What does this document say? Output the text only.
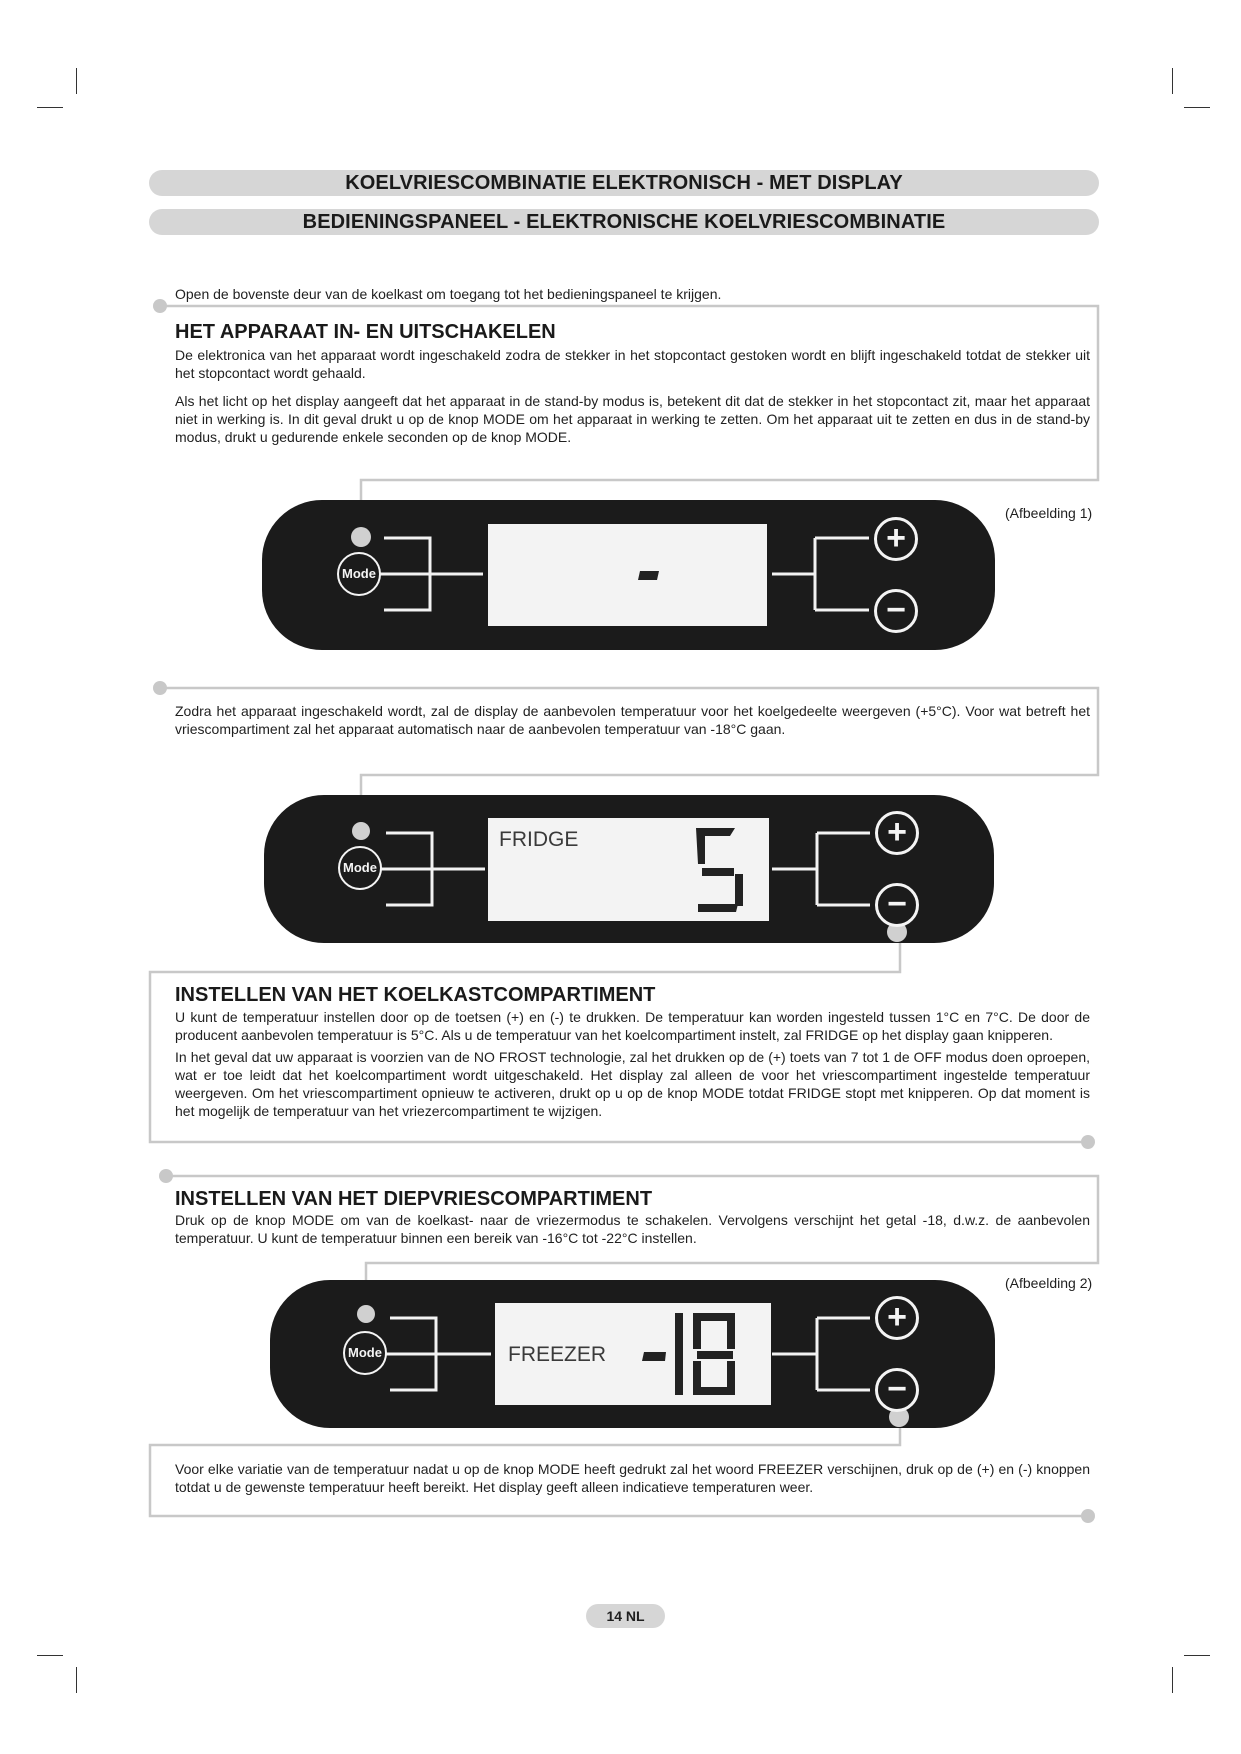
KOELVRIESCOMBINATIE ELEKTRONISCH - MET DISPLAY
BEDIENINGSPANEEL - ELEKTRONISCHE KOELVRIESCOMBINATIE
Open de bovenste deur van de koelkast om toegang tot het bedieningspaneel te krijgen.
HET APPARAAT IN- EN UITSCHAKELEN
De elektronica van het apparaat wordt ingeschakeld zodra de stekker in het stopcontact gestoken wordt en blijft ingeschakeld totdat de stekker uit het stopcontact wordt gehaald.
Als het licht op het display aangeeft dat het apparaat in de stand-by modus is, betekent dit dat de stekker in het stopcontact zit, maar het apparaat niet in werking is. In dit geval drukt u op de knop MODE om het apparaat in werking te zetten. Om het apparaat uit te zetten en dus in de stand-by modus, drukt u gedurende enkele seconden op de knop MODE.
(Afbeelding 1)
Mode
+
−
Zodra het apparaat ingeschakeld wordt, zal de display de aanbevolen temperatuur voor het koelgedeelte weergeven (+5°C). Voor wat betreft het vriescompartiment zal het apparaat automatisch naar de aanbevolen temperatuur van -18°C gaan.
FRIDGE
Mode
+
−
INSTELLEN VAN HET KOELKASTCOMPARTIMENT
U kunt de temperatuur instellen door op de toetsen (+) en (-) te drukken. De temperatuur kan worden ingesteld tussen 1°C en 7°C. De door de producent aanbevolen temperatuur is 5°C. Als u de temperatuur van het koelcompartiment instelt, zal FRIDGE op het display gaan knipperen.
In het geval dat uw apparaat is voorzien van de NO FROST technologie, zal het drukken op de (+) toets van 7 tot 1 de OFF modus doen oproepen, wat er toe leidt dat het koelcompartiment wordt uitgeschakeld. Het display zal alleen de voor het vriescompartiment ingestelde temperatuur weergeven. Om het vriescompartiment opnieuw te activeren, drukt op u op de knop MODE totdat FRIDGE stopt met knipperen. Op dat moment is het mogelijk de temperatuur van het vriezercompartiment te wijzigen.
INSTELLEN VAN HET DIEPVRIESCOMPARTIMENT
Druk op de knop MODE om van de koelkast- naar de vriezermodus te schakelen. Vervolgens verschijnt het getal -18, d.w.z. de aanbevolen temperatuur. U kunt de temperatuur binnen een bereik van -16°C tot -22°C instellen.
(Afbeelding 2)
FREEZER
Mode
+
−
Voor elke variatie van de temperatuur nadat u op de knop MODE heeft gedrukt zal het woord FREEZER verschijnen, druk op de (+) en (-) knoppen totdat u de gewenste temperatuur heeft bereikt. Het display geeft alleen indicatieve temperaturen weer.
14 NL
